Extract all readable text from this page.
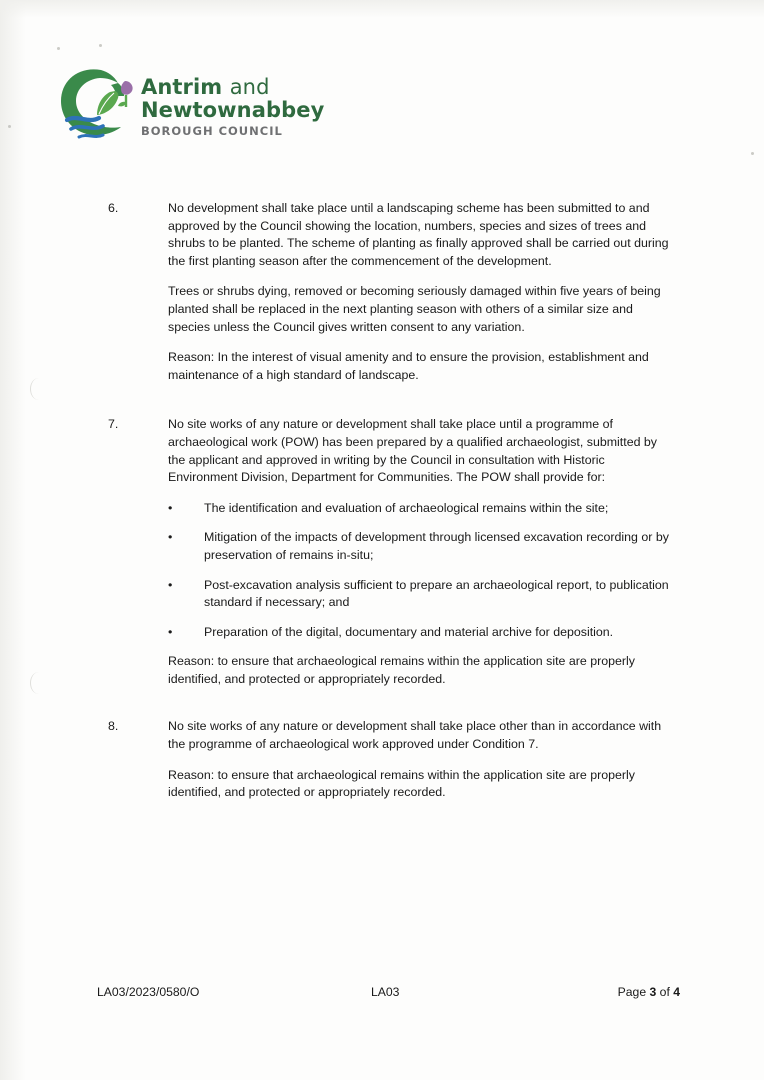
Antrim and
Newtownabbey
BOROUGH COUNCIL
6.	No development shall take place until a landscaping scheme has been submitted to and approved by the Council showing the location, numbers, species and sizes of trees and shrubs to be planted. The scheme of planting as finally approved shall be carried out during the first planting season after the commencement of the development.

Trees or shrubs dying, removed or becoming seriously damaged within five years of being planted shall be replaced in the next planting season with others of a similar size and species unless the Council gives written consent to any variation.

Reason: In the interest of visual amenity and to ensure the provision, establishment and maintenance of a high standard of landscape.

7.	No site works of any nature or development shall take place until a programme of archaeological work (POW) has been prepared by a qualified archaeologist, submitted by the applicant and approved in writing by the Council in consultation with Historic Environment Division, Department for Communities. The POW shall provide for:

•	The identification and evaluation of archaeological remains within the site;
•	Mitigation of the impacts of development through licensed excavation recording or by preservation of remains in-situ;
•	Post-excavation analysis sufficient to prepare an archaeological report, to publication standard if necessary; and
•	Preparation of the digital, documentary and material archive for deposition.

Reason: to ensure that archaeological remains within the application site are properly identified, and protected or appropriately recorded.

8.	No site works of any nature or development shall take place other than in accordance with the programme of archaeological work approved under Condition 7.

Reason: to ensure that archaeological remains within the application site are properly identified, and protected or appropriately recorded.

LA03/2023/0580/O	LA03	Page 3 of 4
